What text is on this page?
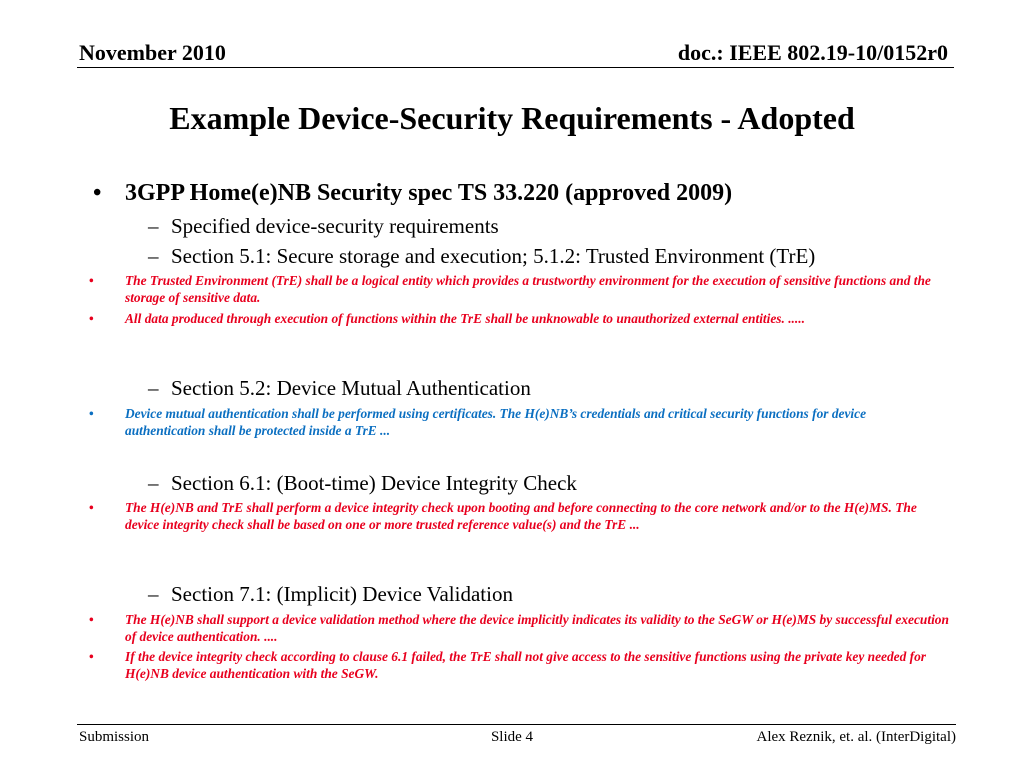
November 2010	doc.: IEEE 802.19-10/0152r0
Example Device-Security Requirements - Adopted
• 3GPP Home(e)NB Security spec TS 33.220 (approved 2009)
– Specified device-security requirements
– Section 5.1: Secure storage and execution; 5.1.2: Trusted Environment (TrE)
• The Trusted Environment (TrE) shall be a logical entity which provides a trustworthy environment for the execution of sensitive functions and the storage of sensitive data.
• All data produced through execution of functions within the TrE shall be unknowable to unauthorized external entities. .....
– Section 5.2: Device Mutual Authentication
• Device mutual authentication shall be performed using certificates. The H(e)NB’s credentials and critical security functions for device authentication shall be protected inside a TrE ...
– Section 6.1: (Boot-time) Device Integrity Check
• The H(e)NB and TrE shall perform a device integrity check upon booting and before connecting to the core network and/or to the H(e)MS. The device integrity check shall be based on one or more trusted reference value(s) and the TrE ...
– Section 7.1: (Implicit) Device Validation
• The H(e)NB shall support a device validation method where the device implicitly indicates its validity to the SeGW or H(e)MS by successful execution of device authentication. ....
• If the device integrity check according to clause 6.1 failed, the TrE shall not give access to the sensitive functions using the private key needed for H(e)NB device authentication with the SeGW.
Submission	Slide 4	Alex Reznik, et. al. (InterDigital)
